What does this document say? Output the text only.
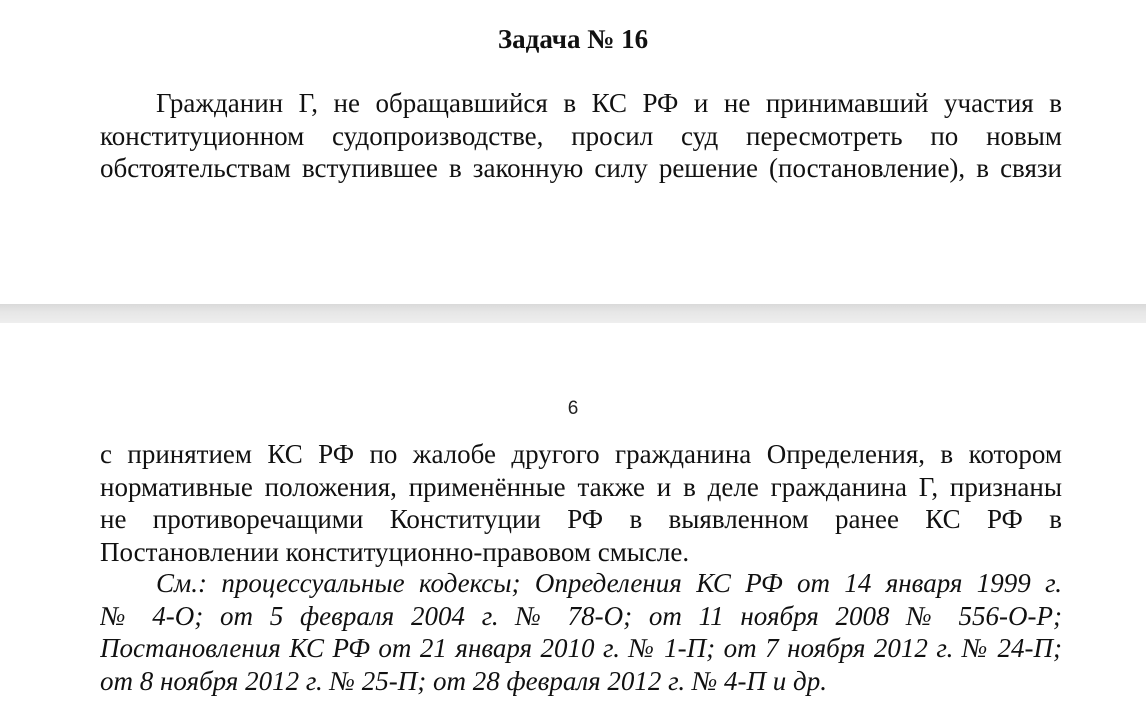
Задача № 16
Гражданин Г, не обращавшийся в КС РФ и не принимавший участия в
конституционном судопроизводстве, просил суд пересмотреть по новым
обстоятельствам вступившее в законную силу решение (постановление), в связи
6
с принятием КС РФ по жалобе другого гражданина Определения, в котором
нормативные положения, применённые также и в деле гражданина Г, признаны
не противоречащими Конституции РФ в выявленном ранее КС РФ в
Постановлении конституционно-правовом смысле.
См.: процессуальные кодексы; Определения КС РФ от 14 января 1999 г.
№ 4-О; от 5 февраля 2004 г. № 78-О; от 11 ноября 2008 № 556-О-Р;
Постановления КС РФ от 21 января 2010 г. № 1-П; от 7 ноября 2012 г. № 24-П;
от 8 ноября 2012 г. № 25-П; от 28 февраля 2012 г. № 4-П и др.
